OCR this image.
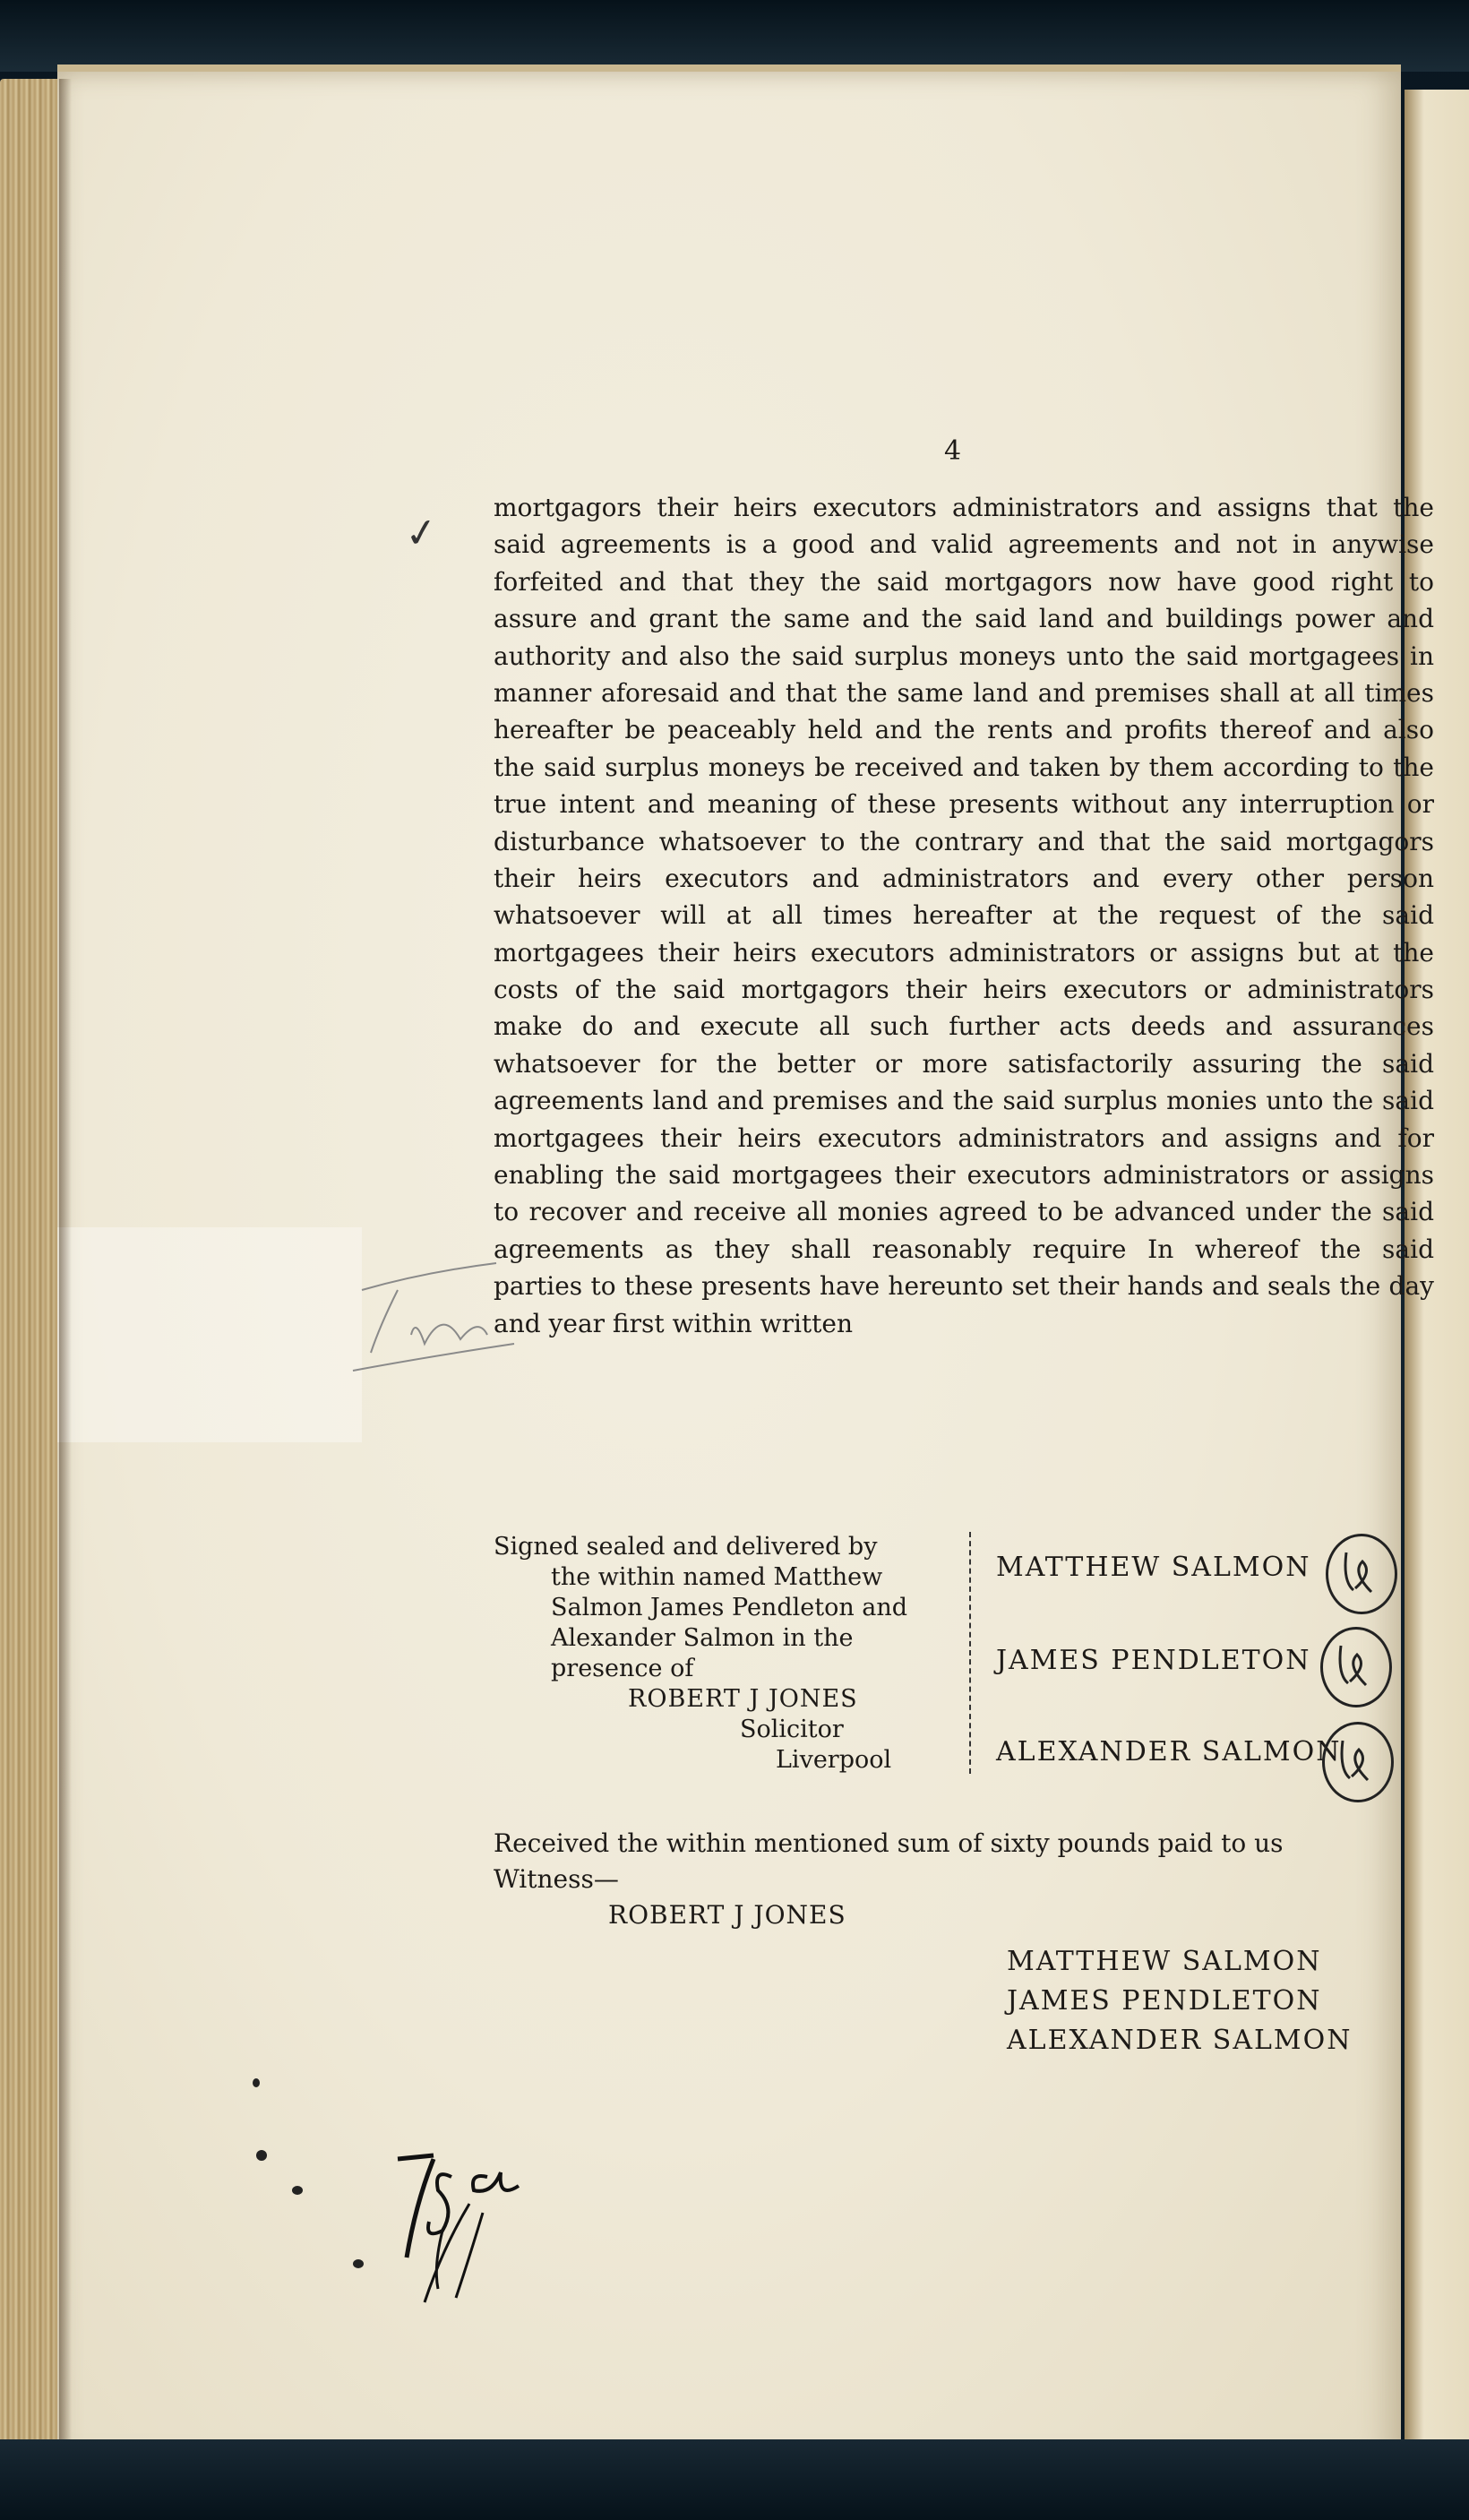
4
✓
mortgagors their heirs executors administrators and assigns that the
said agreements is a good and valid agreements and not in anywise
forfeited and that they the said mortgagors now have good right to
assure and grant the same and the said land and buildings power and
authority and also the said surplus moneys unto the said mortgagees in
manner aforesaid and that the same land and premises shall at all times
hereafter be peaceably held and the rents and profits thereof and also
the said surplus moneys be received and taken by them according to the
true intent and meaning of these presents without any interruption or
disturbance whatsoever to the contrary and that the said mortgagors
their heirs executors and administrators and every other person
whatsoever will at all times hereafter at the request of the said
mortgagees their heirs executors administrators or assigns but at the
costs of the said mortgagors their heirs executors or administrators
make do and execute all such further acts deeds and assurances
whatsoever for the better or more satisfactorily assuring the said
agreements land and premises and the said surplus monies unto the said
mortgagees their heirs executors administrators and assigns and for
enabling the said mortgagees their executors administrators or assigns
to recover and receive all monies agreed to be advanced under the said
agreements as they shall reasonably require In whereof the said
parties to these presents have hereunto set their hands and seals the day
and year first within written
Signed sealed and delivered by
the within named Matthew
Salmon James Pendleton and
Alexander Salmon in the
presence of
ROBERT J JONES
Solicitor
Liverpool
MATTHEW SALMON
JAMES PENDLETON
ALEXANDER SALMON
Received the within mentioned sum of sixty pounds paid to us
Witness—
ROBERT J JONES
MATTHEW SALMON
JAMES PENDLETON
ALEXANDER SALMON
